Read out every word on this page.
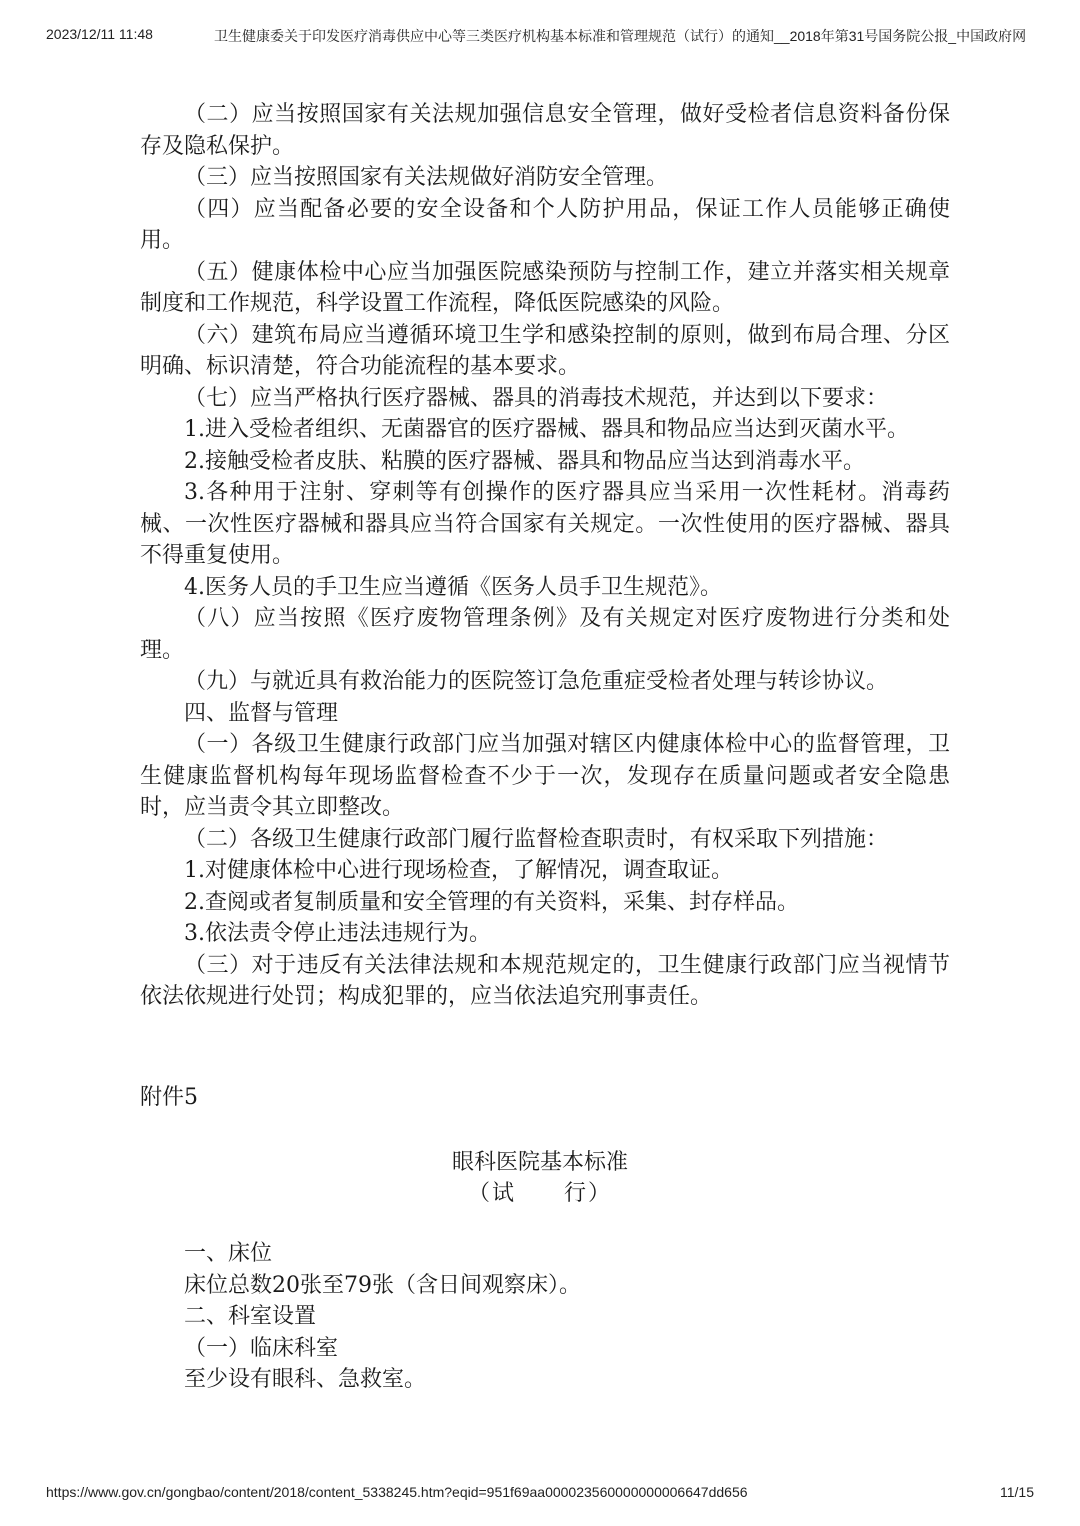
2023/12/11 11:48	卫生健康委关于印发医疗消毒供应中心等三类医疗机构基本标准和管理规范（试行）的通知__2018年第31号国务院公报_中国政府网

（二）应当按照国家有关法规加强信息安全管理，做好受检者信息资料备份保存及隐私保护。

（三）应当按照国家有关法规做好消防安全管理。

（四）应当配备必要的安全设备和个人防护用品，保证工作人员能够正确使用。

（五）健康体检中心应当加强医院感染预防与控制工作，建立并落实相关规章制度和工作规范，科学设置工作流程，降低医院感染的风险。

（六）建筑布局应当遵循环境卫生学和感染控制的原则，做到布局合理、分区明确、标识清楚，符合功能流程的基本要求。

（七）应当严格执行医疗器械、器具的消毒技术规范，并达到以下要求：

1.进入受检者组织、无菌器官的医疗器械、器具和物品应当达到灭菌水平。

2.接触受检者皮肤、粘膜的医疗器械、器具和物品应当达到消毒水平。

3.各种用于注射、穿刺等有创操作的医疗器具应当采用一次性耗材。消毒药械、一次性医疗器械和器具应当符合国家有关规定。一次性使用的医疗器械、器具不得重复使用。

4.医务人员的手卫生应当遵循《医务人员手卫生规范》。

（八）应当按照《医疗废物管理条例》及有关规定对医疗废物进行分类和处理。

（九）与就近具有救治能力的医院签订急危重症受检者处理与转诊协议。

四、监督与管理

（一）各级卫生健康行政部门应当加强对辖区内健康体检中心的监督管理，卫生健康监督机构每年现场监督检查不少于一次，发现存在质量问题或者安全隐患时，应当责令其立即整改。

（二）各级卫生健康行政部门履行监督检查职责时，有权采取下列措施：

1.对健康体检中心进行现场检查，了解情况，调查取证。

2.查阅或者复制质量和安全管理的有关资料，采集、封存样品。

3.依法责令停止违法违规行为。

（三）对于违反有关法律法规和本规范规定的，卫生健康行政部门应当视情节依法依规进行处罚；构成犯罪的，应当依法追究刑事责任。

附件5
眼科医院基本标准
（试　　行）

一、床位

床位总数20张至79张（含日间观察床）。

二、科室设置

（一）临床科室

至少设有眼科、急救室。

https://www.gov.cn/gongbao/content/2018/content_5338245.htm?eqid=951f69aa000023560000000006647dd656	11/15
